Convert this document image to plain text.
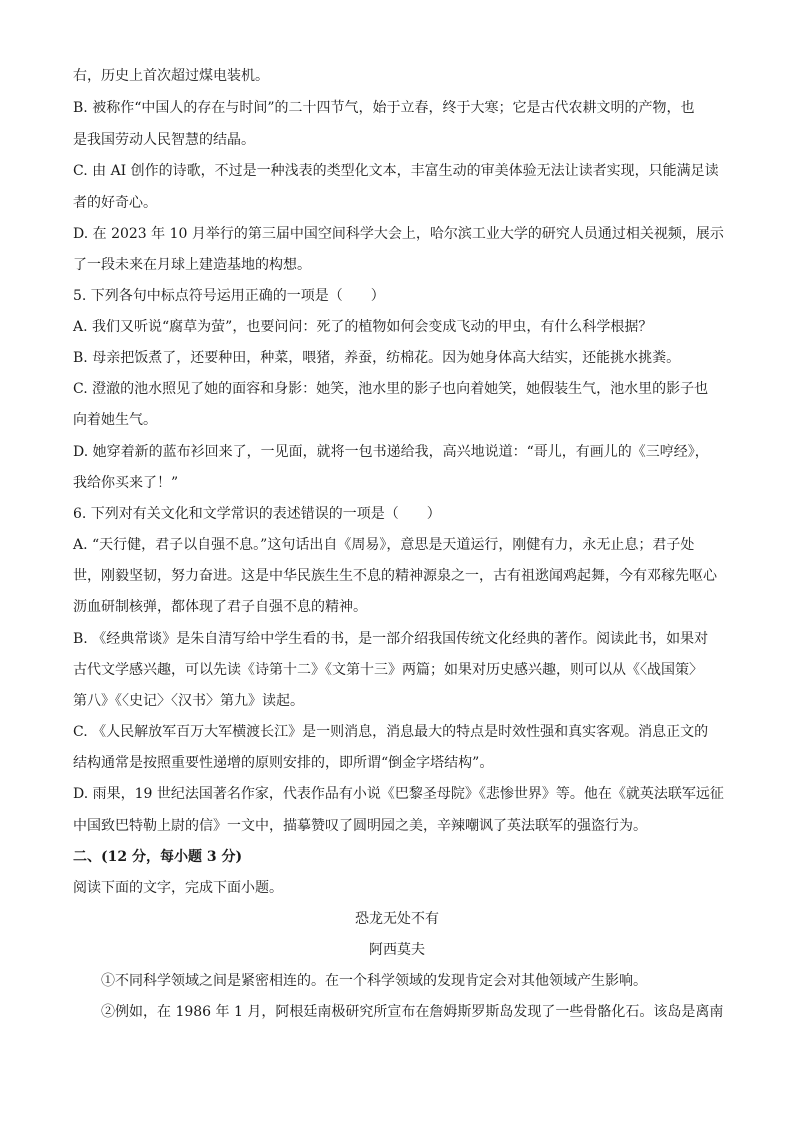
右，历史上首次超过煤电装机。
B. 被称作“中国人的存在与时间”的二十四节气，始于立春，终于大寒；它是古代农耕文明的产物，也
是我国劳动人民智慧的结晶。
C. 由 AI 创作的诗歌，不过是一种浅表的类型化文本，丰富生动的审美体验无法让读者实现，只能满足读
者的好奇心。
D. 在 2023 年 10 月举行的第三届中国空间科学大会上，哈尔滨工业大学的研究人员通过相关视频，展示
了一段未来在月球上建造基地的构想。
5. 下列各句中标点符号运用正确的一项是（　　）
A. 我们又听说“腐草为萤”，也要问问：死了的植物如何会变成飞动的甲虫，有什么科学根据？
B. 母亲把饭煮了，还要种田，种菜，喂猪，养蚕，纺棉花。因为她身体高大结实，还能挑水挑粪。
C. 澄澈的池水照见了她的面容和身影：她笑，池水里的影子也向着她笑，她假装生气，池水里的影子也
向着她生气。
D. 她穿着新的蓝布衫回来了，一见面，就将一包书递给我，高兴地说道：“哥儿，有画儿的《三哼经》，
我给你买来了！”
6. 下列对有关文化和文学常识的表述错误的一项是（　　）
A. “天行健，君子以自强不息。”这句话出自《周易》，意思是天道运行，刚健有力，永无止息；君子处
世，刚毅坚韧，努力奋进。这是中华民族生生不息的精神源泉之一，古有祖逖闻鸡起舞，今有邓稼先呕心
沥血研制核弹，都体现了君子自强不息的精神。
B. 《经典常谈》是朱自清写给中学生看的书，是一部介绍我国传统文化经典的著作。阅读此书，如果对
古代文学感兴趣，可以先读《诗第十二》《文第十三》两篇；如果对历史感兴趣，则可以从《〈战国策〉
第八》《〈史记〉〈汉书〉第九》读起。
C. 《人民解放军百万大军横渡长江》是一则消息，消息最大的特点是时效性强和真实客观。消息正文的
结构通常是按照重要性递增的原则安排的，即所谓“倒金字塔结构”。
D. 雨果，19 世纪法国著名作家，代表作品有小说《巴黎圣母院》《悲惨世界》等。他在《就英法联军远征
中国致巴特勒上尉的信》一文中，描摹赞叹了圆明园之美，辛辣嘲讽了英法联军的强盗行为。
二、(12 分，每小题 3 分)
阅读下面的文字，完成下面小题。
恐龙无处不有
阿西莫夫
①不同科学领域之间是紧密相连的。在一个科学领域的发现肯定会对其他领域产生影响。
②例如，在 1986 年 1 月，阿根廷南极研究所宣布在詹姆斯罗斯岛发现了一些骨骼化石。该岛是离南
